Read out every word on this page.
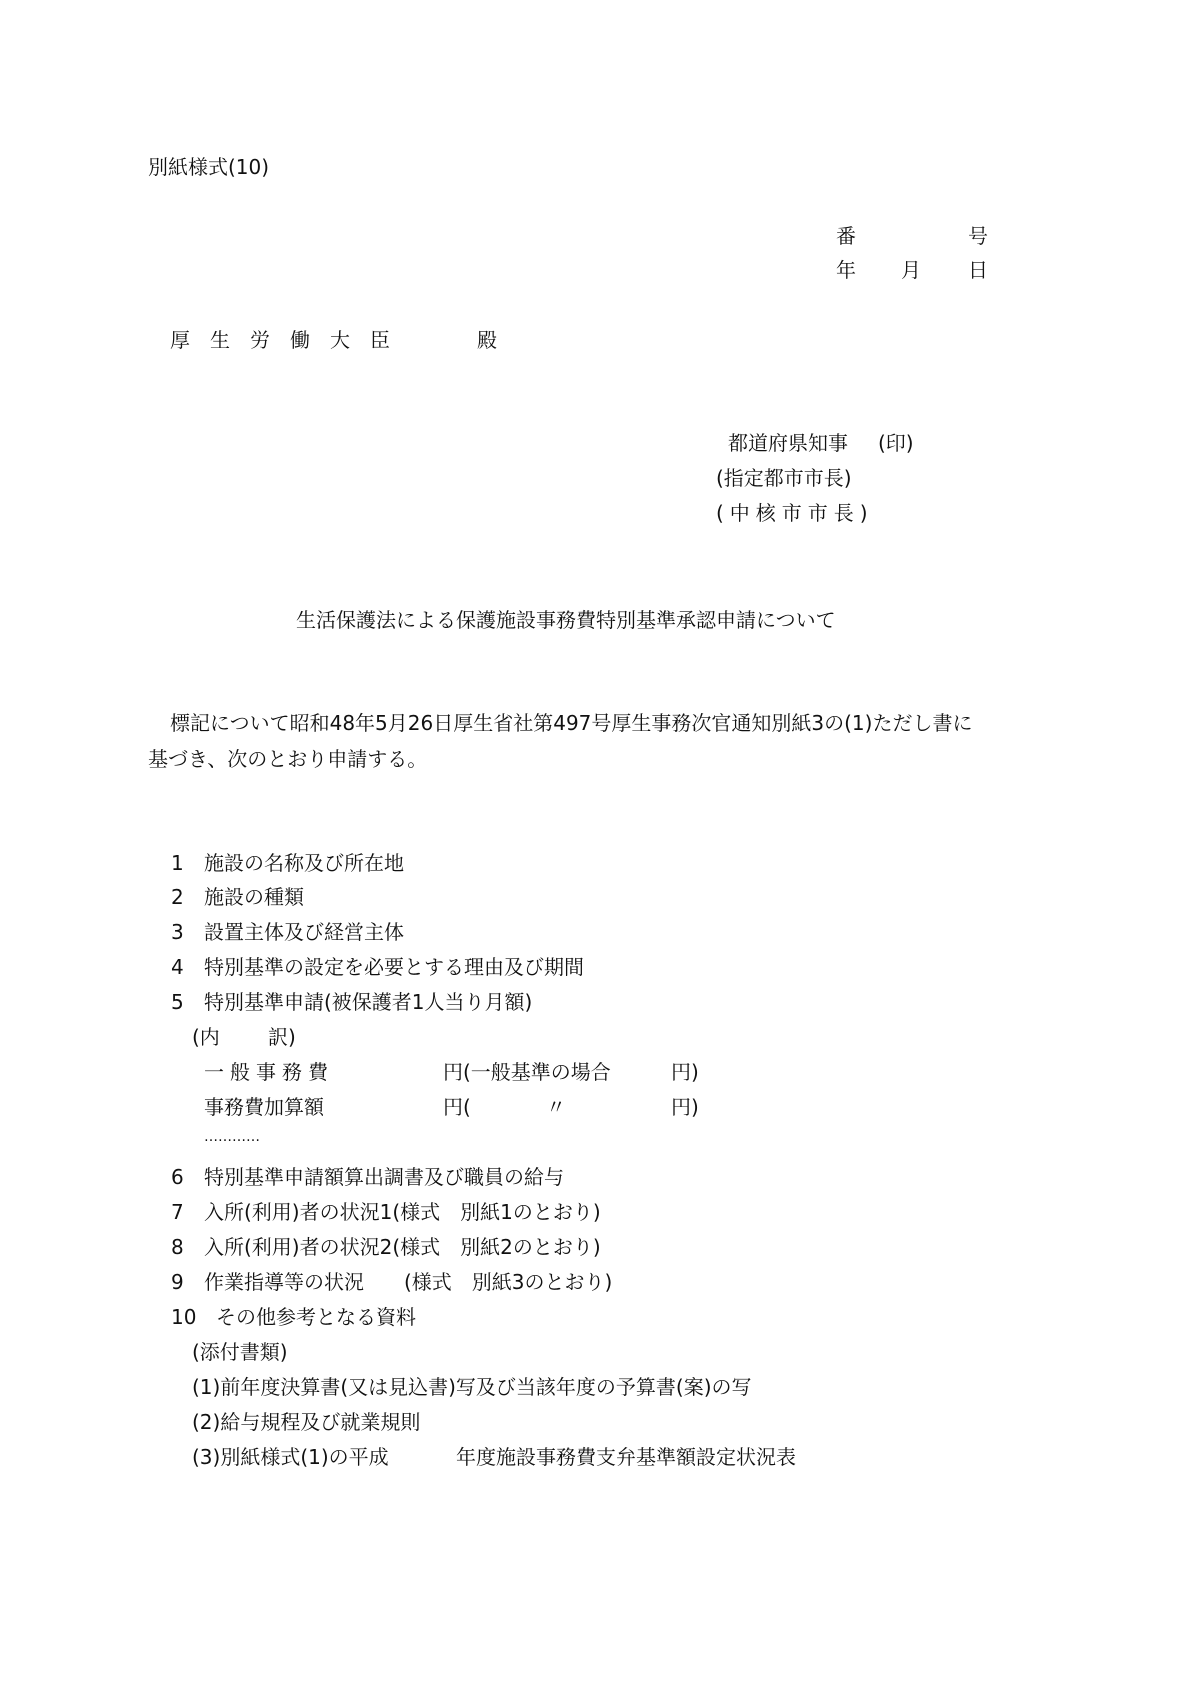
別紙様式(10)
番	号
年 月 日
厚生労働大臣	殿
都道府県知事 (印)
(指定都市市長)
(中核市市長)
生活保護法による保護施設事務費特別基準承認申請について
標記について昭和48年5月26日厚生省社第497号厚生事務次官通知別紙3の(1)ただし書に
基づき、次のとおり申請する。
1 施設の名称及び所在地
2 施設の種類
3 設置主体及び経営主体
4 特別基準の設定を必要とする理由及び期間
5 特別基準申請(被保護者1人当り月額)
(内 訳)
一般事務費	円(一般基準の場合	円)
事務費加算額	円(	〃	円)
…………
6 特別基準申請額算出調書及び職員の給与
7 入所(利用)者の状況1(様式　別紙1のとおり)
8 入所(利用)者の状況2(様式　別紙2のとおり)
9 作業指導等の状況　　(様式　別紙3のとおり)
10 その他参考となる資料
(添付書類)
(1)前年度決算書(又は見込書)写及び当該年度の予算書(案)の写
(2)給与規程及び就業規則
(3)別紙様式(1)の平成	年度施設事務費支弁基準額設定状況表
